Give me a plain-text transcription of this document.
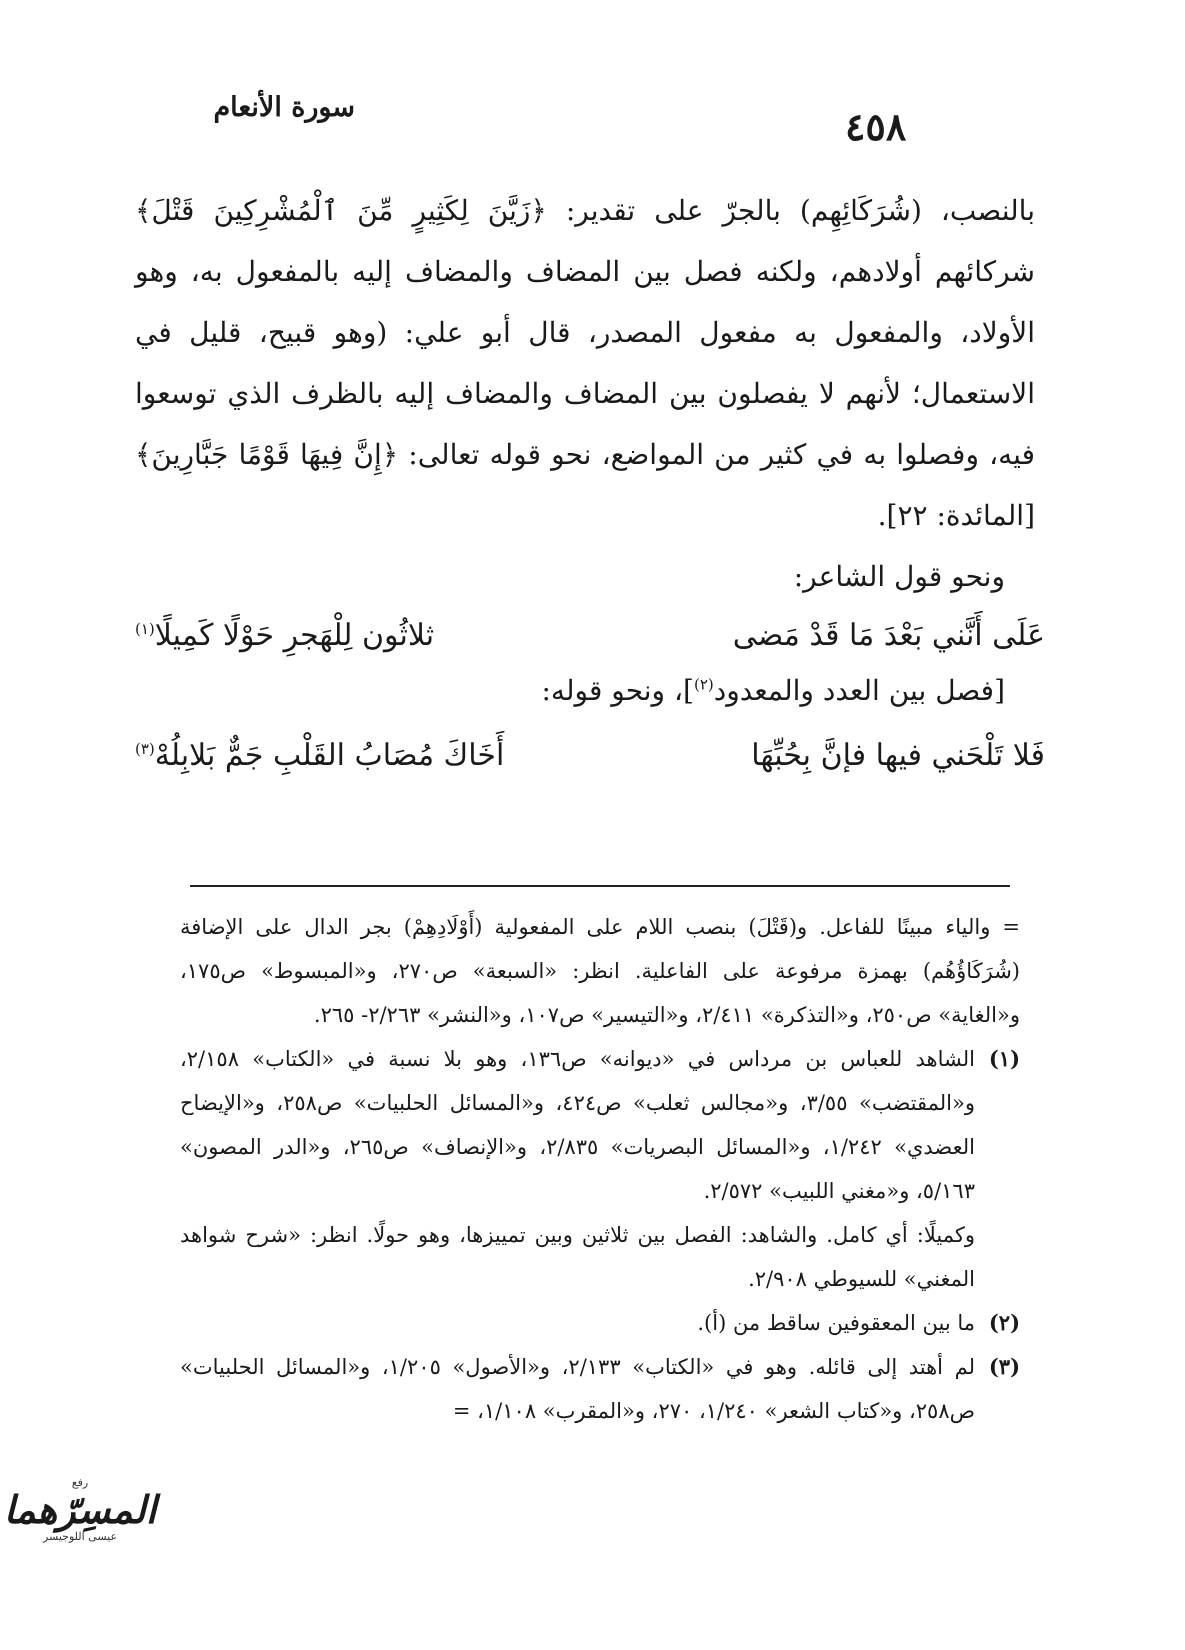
سورة الأنعام	٤٥٨

بالنصب، (شُرَكَائِهِم) بالجرّ على تقدير: ﴿زَيَّنَ لِكَثِيرٍ مِّنَ ٱلْمُشْرِكِينَ قَتْلَ﴾ شركائهم أولادهم، ولكنه فصل بين المضاف والمضاف إليه بالمفعول به، وهو الأولاد، والمفعول به مفعول المصدر، قال أبو علي: (وهو قبيح، قليل في الاستعمال؛ لأنهم لا يفصلون بين المضاف والمضاف إليه بالظرف الذي توسعوا فيه، وفصلوا به في كثير من المواضع، نحو قوله تعالى: ﴿إِنَّ فِيهَا قَوْمًا جَبَّارِينَ﴾ [المائدة: ٢٢].

ونحو قول الشاعر:

عَلَى أَنَّني بَعْدَ مَا قَدْ مَضى
ثلاثُون لِلْهَجرِ حَوْلًا كَمِيلًا$^{(١)}$

[فصل بين العدد والمعدود$^{(٢)}$]، ونحو قوله:

فَلا تَلْحَني فيها فإنَّ بِحُبِّهَا
أَخَاكَ مُصَابُ القَلْبِ جَمٌّ بَلابِلُهْ$^{(٣)}$
= والياء مبينًا للفاعل. و(قَتْلَ) بنصب اللام على المفعولية (أَوْلَادِهِمْ) بجر الدال على الإضافة (شُرَكَاؤُهُم) بهمزة مرفوعة على الفاعلية. انظر: «السبعة» ص٢٧٠، و«المبسوط» ص١٧٥، و«الغاية» ص٢٥٠، و«التذكرة» ٢/٤١١، و«التيسير» ص١٠٧، و«النشر» ٢/٢٦٣- ٢٦٥.
(١)
الشاهد للعباس بن مرداس في «ديوانه» ص١٣٦، وهو بلا نسبة في «الكتاب» ٢/١٥٨، و«المقتضب» ٣/٥٥، و«مجالس ثعلب» ص٤٢٤، و«المسائل الحلبيات» ص٢٥٨، و«الإيضاح العضدي» ١/٢٤٢، و«المسائل البصريات» ٢/٨٣٥، و«الإنصاف» ص٢٦٥، و«الدر المصون» ٥/١٦٣، و«مغني اللبيب» ٢/٥٧٢.
وكميلًا: أي كامل. والشاهد: الفصل بين ثلاثين وبين تمييزها، وهو حولًا. انظر: «شرح شواهد المغني» للسيوطي ٢/٩٠٨.
(٢)
ما بين المعقوفين ساقط من (أ).
(٣)
لم أهتد إلى قائله. وهو في «الكتاب» ٢/١٣٣، و«الأصول» ١/٢٠٥، و«المسائل الحلبيات» ص٢٥٨، و«كتاب الشعر» ١/٢٤٠، ٢٧٠، و«المقرب» ١/١٠٨، =
رفع
المسِرّهما
عيسى اللوجيسر
